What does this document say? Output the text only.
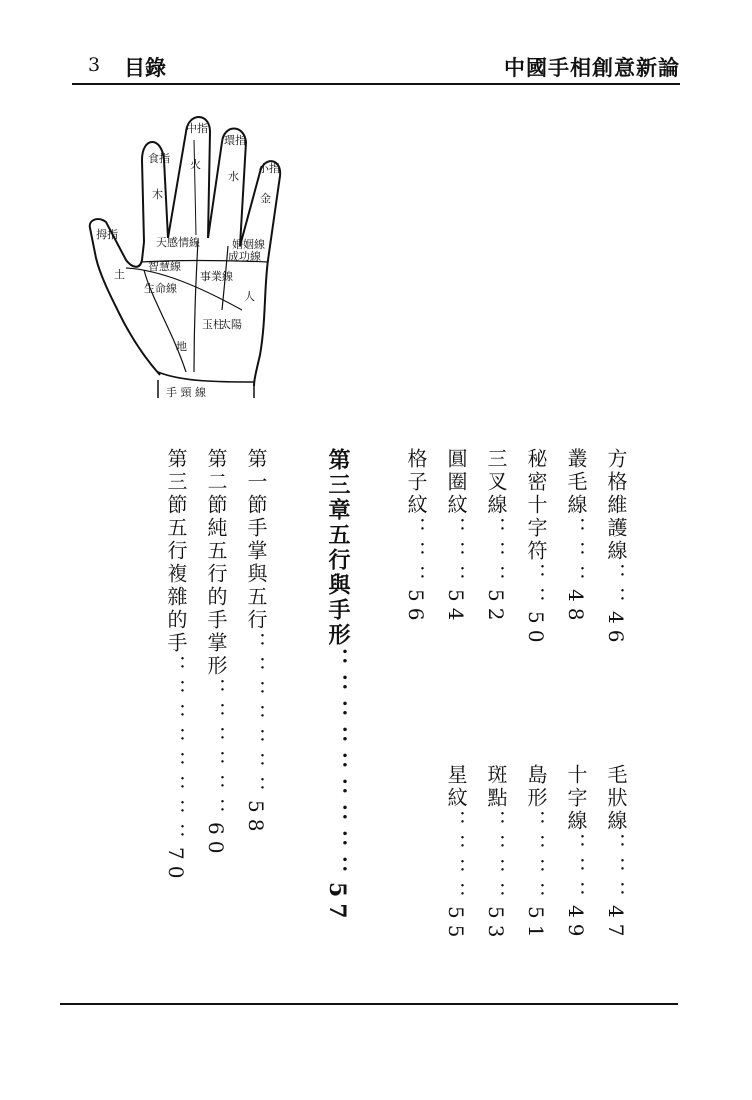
3 目錄	中國手相創意新論
中指
火
環指
水
食指
木
小指
金
拇指
土
天感情線
智慧線
生命線
事業線
成功線
婚姻線
人
玉柱
太陽
地
手 頸 線
方格維護線：：46
叢毛線：：：48
秘密十字符：：50
三叉線：：：52
圓圈紋：：：54
格子紋：：：56
毛狀線：：：47
十字線：：：49
島形：：：：51
斑點：：：：53
星紋：：：：55
第三章五行與手形：：：：：：：：：57
第一節手掌與五行：：：：：：：58
第二節純五行的手掌形：：：：：：60
第三節五行複雜的手：：：：：：：：70
